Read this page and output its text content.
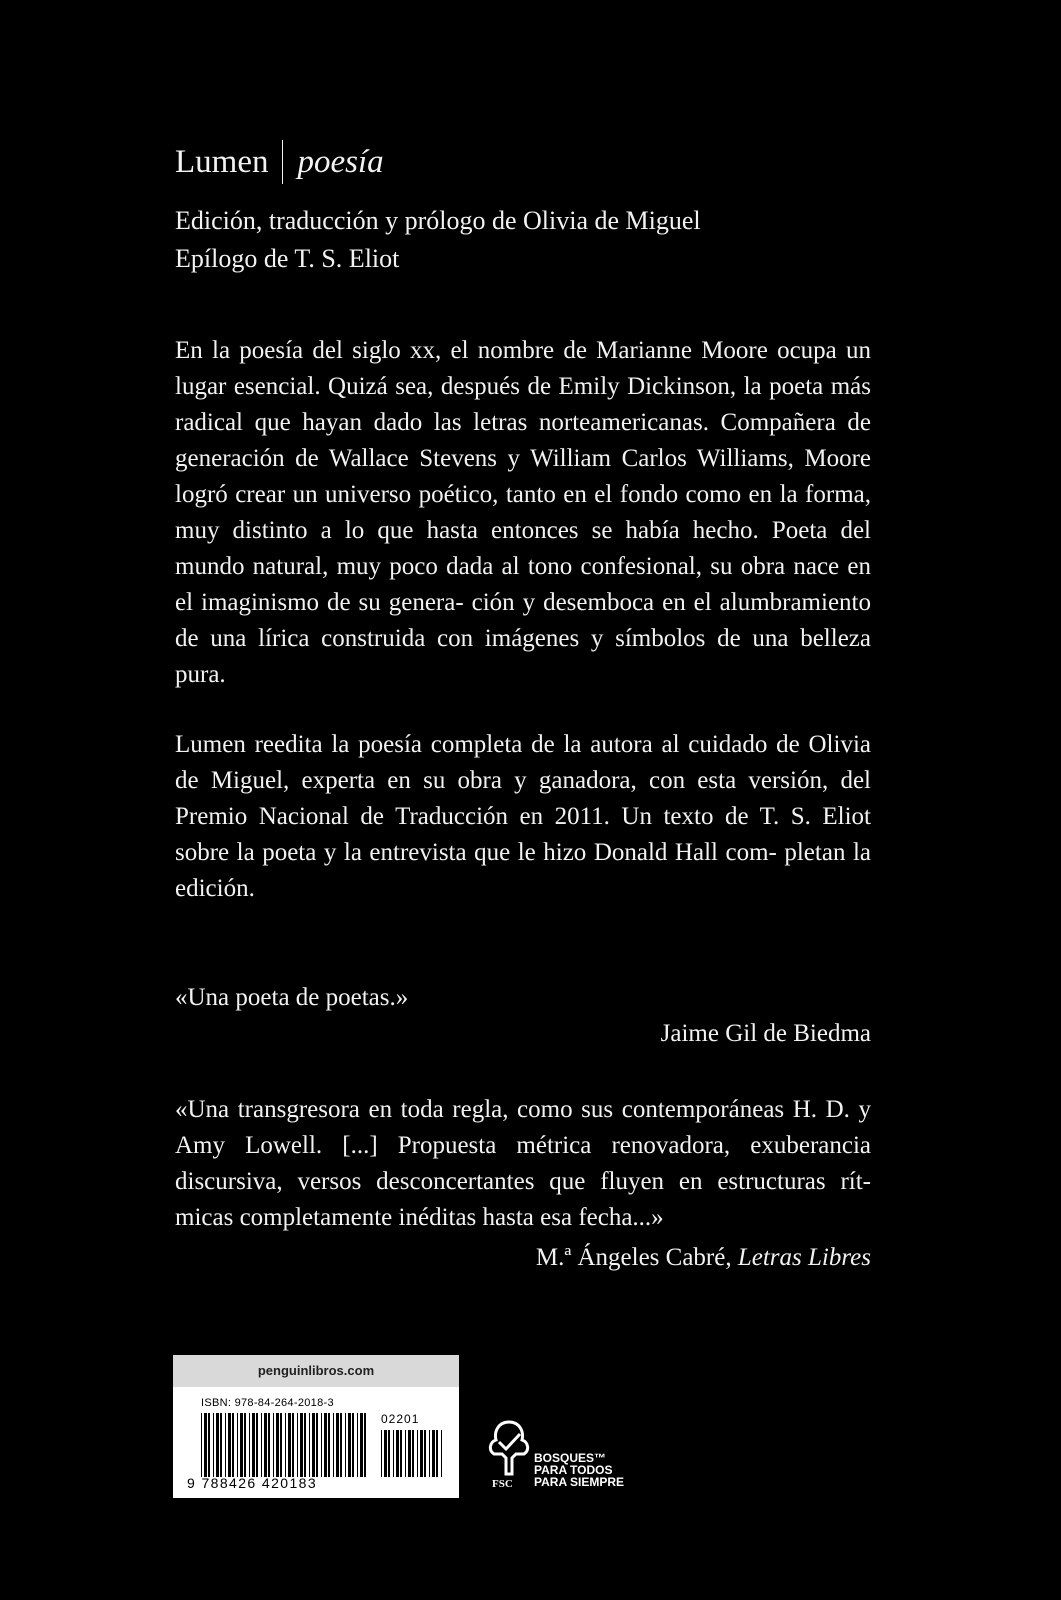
Lumen poesía
Edición, traducción y prólogo de Olivia de Miguel
Epílogo de T. S. Eliot
En la poesía del siglo xx, el nombre de Marianne Moore ocupa un lugar esencial. Quizá sea, después de Emily Dickinson, la poeta más radical que hayan dado las letras norteamericanas. Compañera de generación de Wallace Stevens y William Carlos Williams, Moore logró crear un universo poético, tanto en el fondo como en la forma, muy distinto a lo que hasta entonces se había hecho. Poeta del mundo natural, muy poco dada al tono confesional, su obra nace en el imaginismo de su genera- ción y desemboca en el alumbramiento de una lírica construida con imágenes y símbolos de una belleza pura.
Lumen reedita la poesía completa de la autora al cuidado de Olivia de Miguel, experta en su obra y ganadora, con esta versión, del Premio Nacional de Traducción en 2011. Un texto de T. S. Eliot sobre la poeta y la entrevista que le hizo Donald Hall com- pletan la edición.
«Una poeta de poetas.»
Jaime Gil de Biedma
«Una transgresora en toda regla, como sus contemporáneas H. D. y Amy Lowell. [...] Propuesta métrica renovadora, exuberancia discursiva, versos desconcertantes que fluyen en estructuras rít- micas completamente inéditas hasta esa fecha...»
M.ª Ángeles Cabré, Letras Libres
penguinlibros.com
ISBN: 978-84-264-2018-3
02201
9 788426 420183	FSC
BOSQUES™
PARA TODOS
PARA SIEMPRE
